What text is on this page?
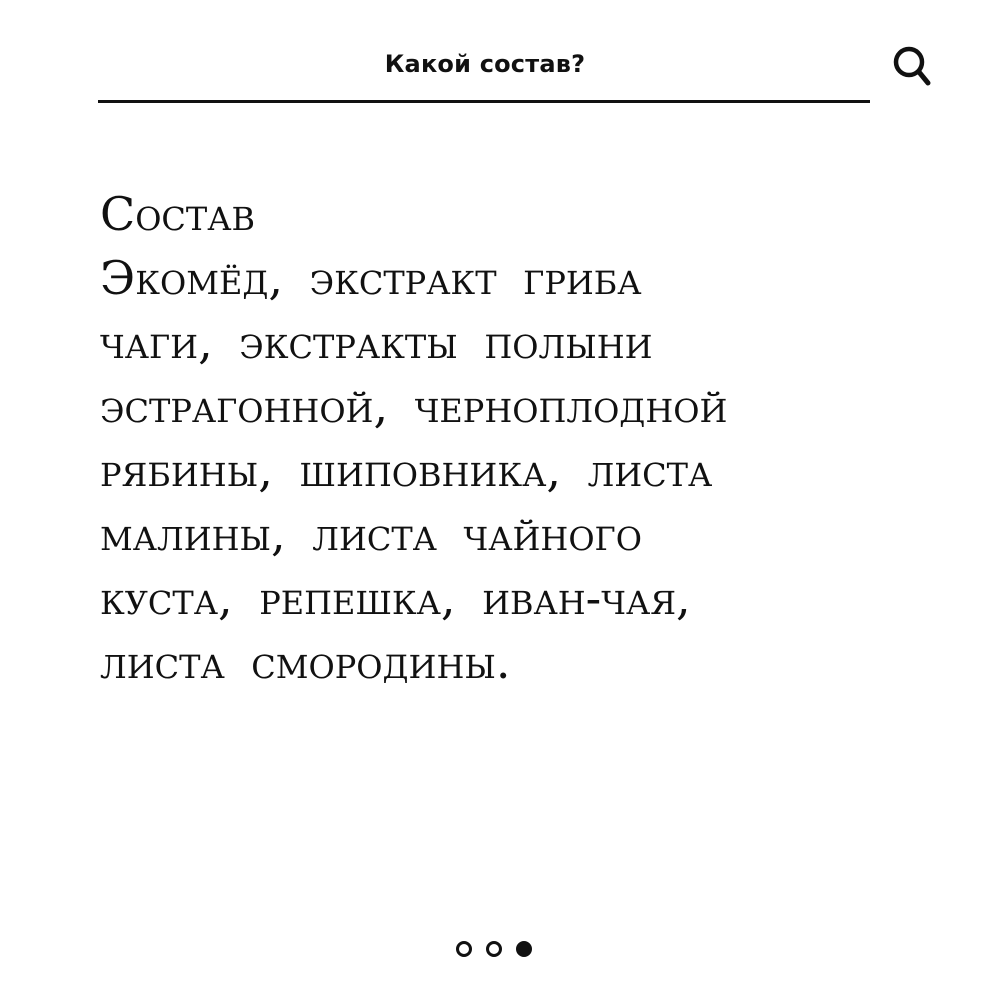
Какой состав?
Состав
Экомёд, экстракт гриба
чаги, экстракты полыни
эстрагонной, черноплодной
рябины, шиповника, листа
малины, листа чайного
куста, репешка, иван-чая,
листа смородины.
